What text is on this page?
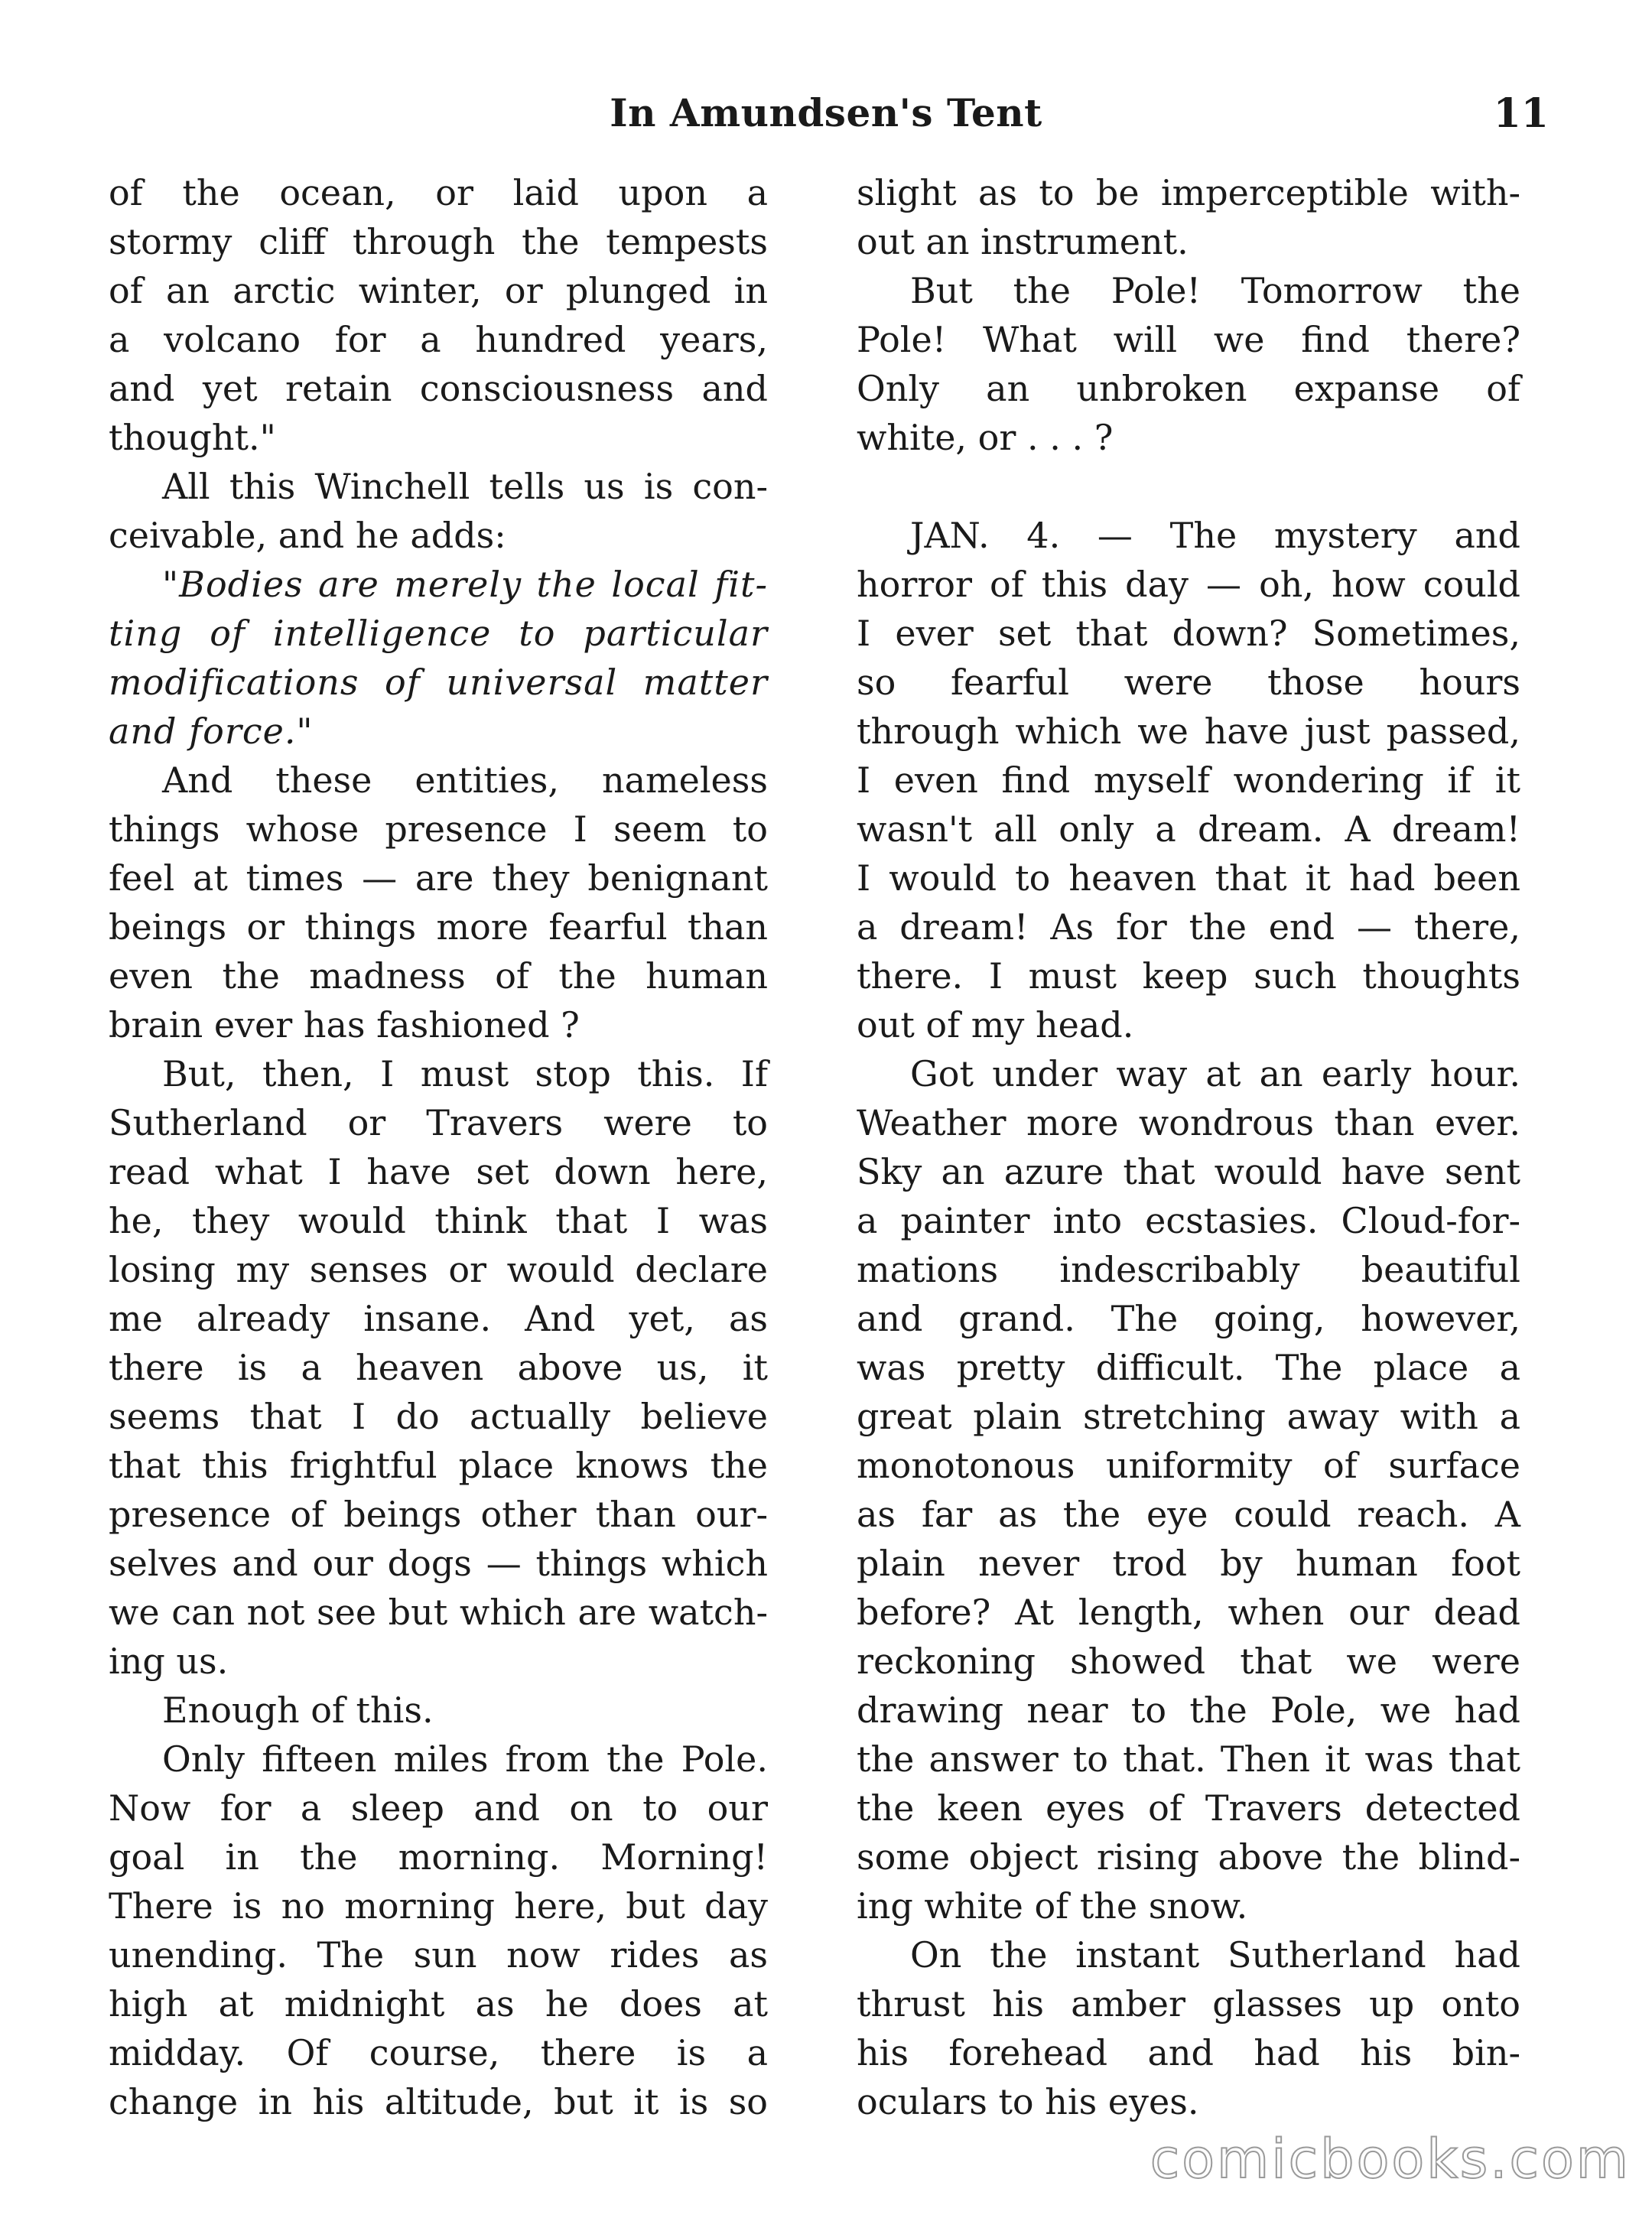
In Amundsen's Tent	11
of the ocean, or laid upon a
stormy cliff through the tempests
of an arctic winter, or plunged in
a volcano for a hundred years,
and yet retain consciousness and
thought."
All this Winchell tells us is con-
ceivable, and he adds:
"Bodies are merely the local fit-
ting of intelligence to particular
modifications of universal matter
and force."
And these entities, nameless
things whose presence I seem to
feel at times — are they benignant
beings or things more fearful than
even the madness of the human
brain ever has fashioned ?
But, then, I must stop this. If
Sutherland or Travers were to
read what I have set down here,
he, they would think that I was
losing my senses or would declare
me already insane. And yet, as
there is a heaven above us, it
seems that I do actually believe
that this frightful place knows the
presence of beings other than our-
selves and our dogs — things which
we can not see but which are watch-
ing us.
Enough of this.
Only fifteen miles from the Pole.
Now for a sleep and on to our
goal in the morning. Morning!
There is no morning here, but day
unending. The sun now rides as
high at midnight as he does at
midday. Of course, there is a
change in his altitude, but it is so
slight as to be imperceptible with-
out an instrument.
But the Pole! Tomorrow the
Pole! What will we find there?
Only an unbroken expanse of
white, or . . . ?
JAN. 4. — The mystery and
horror of this day — oh, how could
I ever set that down? Sometimes,
so fearful were those hours
through which we have just passed,
I even find myself wondering if it
wasn't all only a dream. A dream!
I would to heaven that it had been
a dream! As for the end — there,
there. I must keep such thoughts
out of my head.
Got under way at an early hour.
Weather more wondrous than ever.
Sky an azure that would have sent
a painter into ecstasies. Cloud-for-
mations indescribably beautiful
and grand. The going, however,
was pretty difficult. The place a
great plain stretching away with a
monotonous uniformity of surface
as far as the eye could reach. A
plain never trod by human foot
before? At length, when our dead
reckoning showed that we were
drawing near to the Pole, we had
the answer to that. Then it was that
the keen eyes of Travers detected
some object rising above the blind-
ing white of the snow.
On the instant Sutherland had
thrust his amber glasses up onto
his forehead and had his bin-
oculars to his eyes.
comicbooks.com
